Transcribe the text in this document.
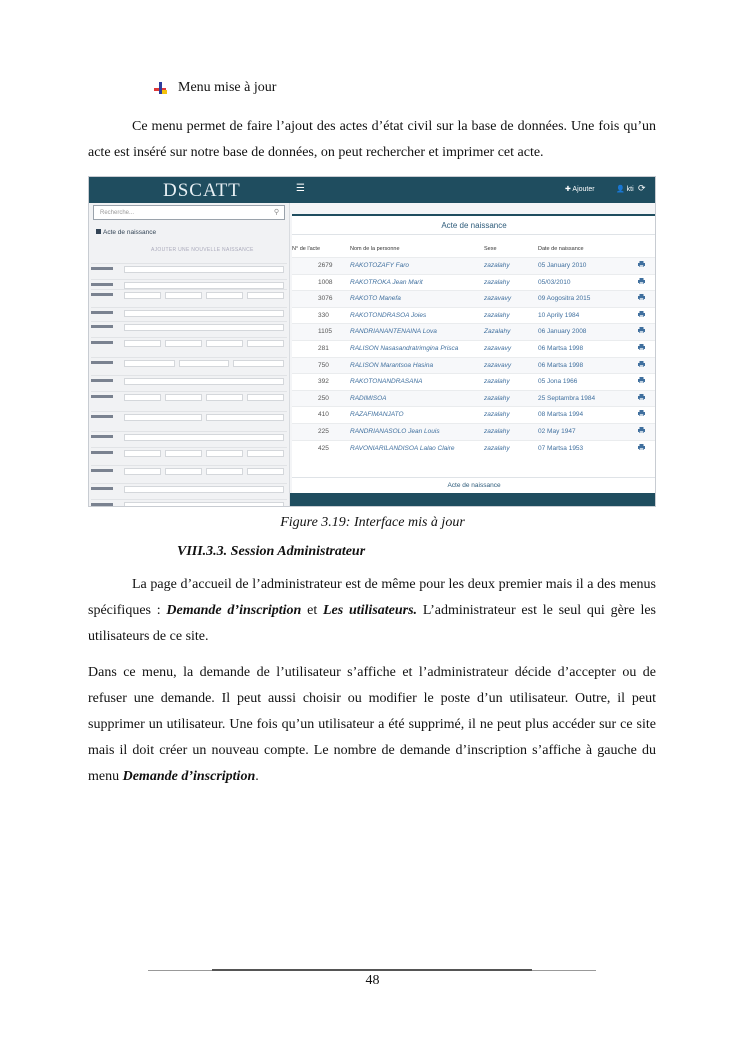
Menu mise à jour

Ce menu permet de faire l’ajout des actes d’état civil sur la base de données. Une fois qu’un acte est inséré sur notre base de données, on peut rechercher et imprimer cet acte.

DSCATT	☰	✚ Ajouter	👤 kti ⟳
Recherche...	⚲
Acte de naissance
AJOUTER UNE NOUVELLE NAISSANCE
Acte de naissance
N° de l'acte	Nom de la personne	Sexe	Date de naissance
2679	RAKOTOZAFY Faro	zazalahy	05 January 2010
1008	RAKOTROKA Jean Marit	zazalahy	05/03/2010
3076	RAKOTO Manefa	zazavavy	09 Aogositra 2015
330	RAKOTONDRASOA Joies	zazalahy	10 Aprily 1984
1105	RANDRIANANTENAINA Lova	Zazalahy	06 January 2008
281	RALISON Nasasandratrimgina Prisca	zazavavy	06 Martsa 1998
750	RALISON Marantsoa Hasina	zazavavy	06 Martsa 1998
392	RAKOTONANDRASANA	zazalahy	05 Jona 1966
250	RADIMISOA	zazalahy	25 Septambra 1984
410	RAZAFIMANJATO	zazalahy	08 Martsa 1994
225	RANDRIANASOLO Jean Louis	zazalahy	02 May 1947
425	RAVONIARILANDISOA Lalao Claire	zazalahy	07 Martsa 1953
Acte de naissance
Figure 3.19: Interface mis à jour
VIII.3.3. Session Administrateur

La page d’accueil de l’administrateur est de même pour les deux premier mais il a des menus spécifiques : Demande d’inscription et Les utilisateurs. L’administrateur est le seul qui gère les utilisateurs de ce site.

Dans ce menu, la demande de l’utilisateur s’affiche et l’administrateur décide d’accepter ou de refuser une demande. Il peut aussi choisir ou modifier le poste d’un utilisateur. Outre, il peut supprimer un utilisateur. Une fois qu’un utilisateur a été supprimé, il ne peut plus accéder sur ce site mais il doit créer un nouveau compte. Le nombre de demande d’inscription s’affiche à gauche du menu Demande d’inscription.

48
